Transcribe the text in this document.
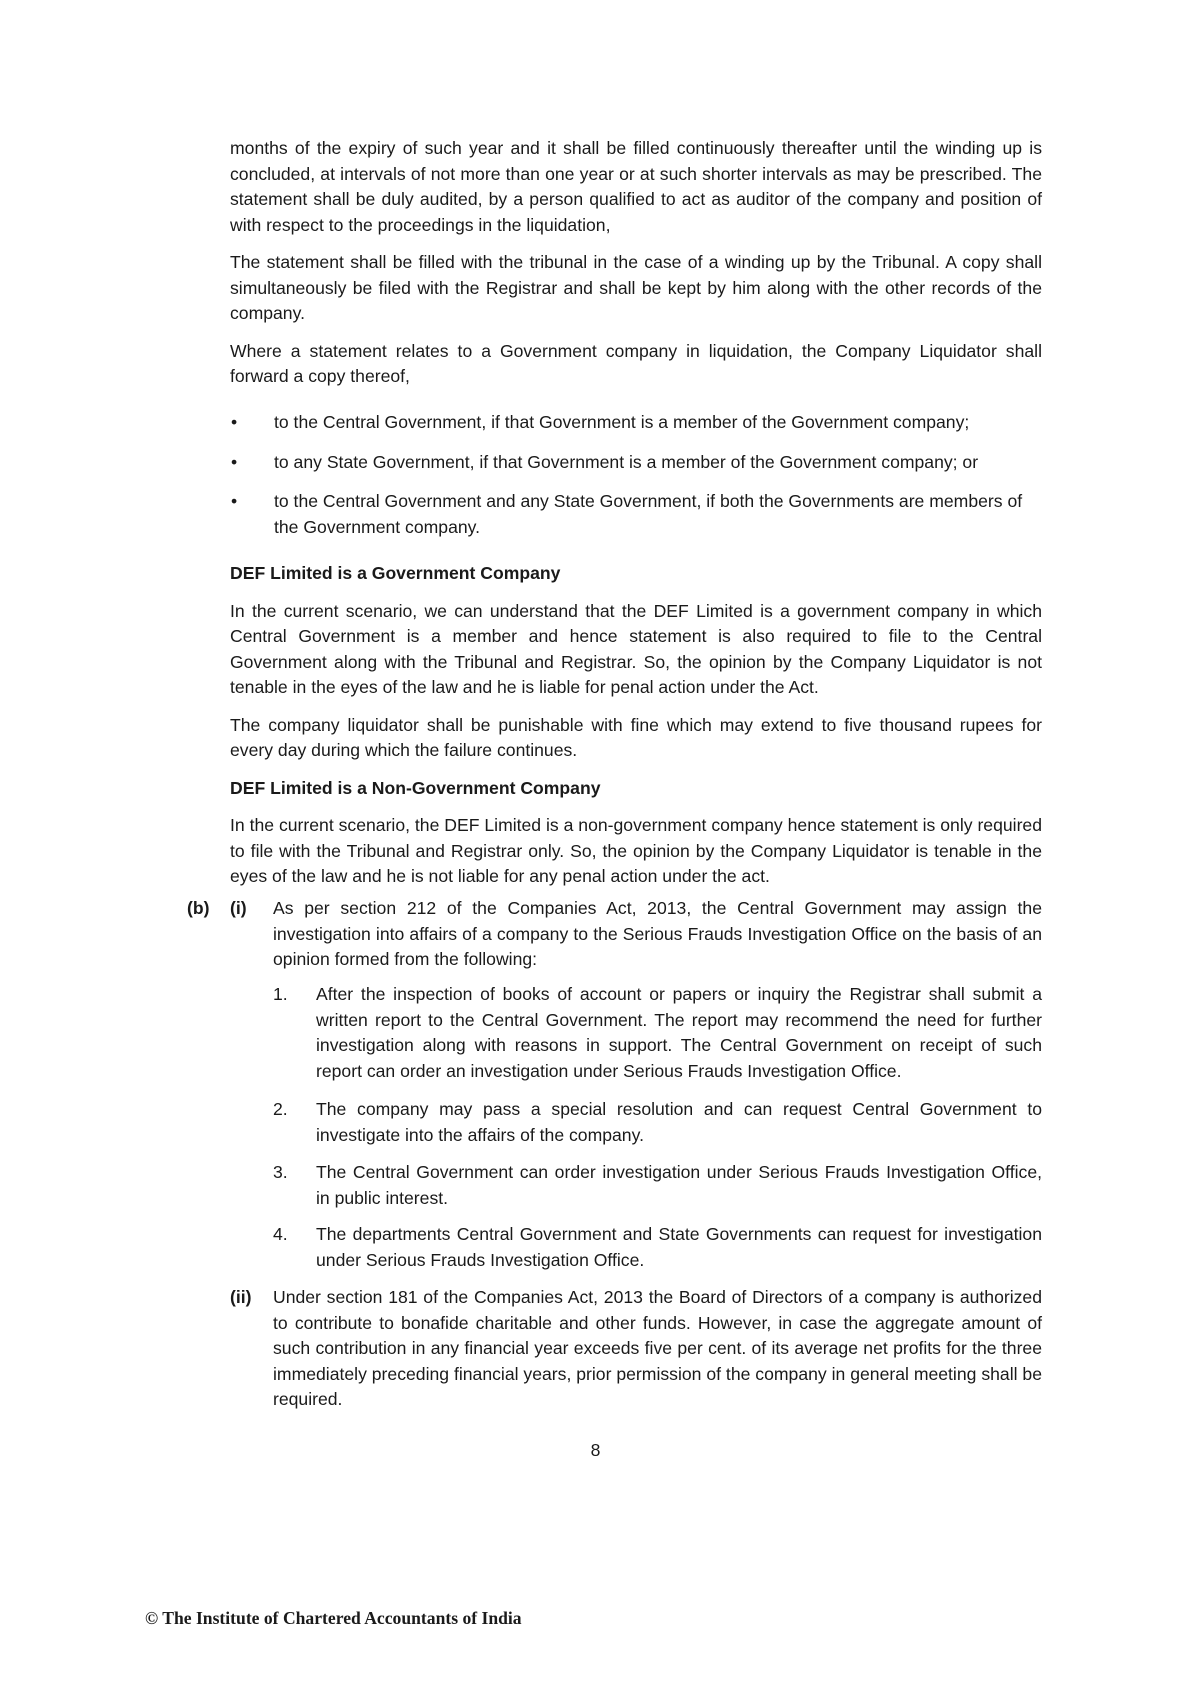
months of the expiry of such year and it shall be filled continuously thereafter until the winding up is concluded, at intervals of not more than one year or at such shorter intervals as may be prescribed. The statement shall be duly audited, by a person qualified to act as auditor of the company and position of with respect to the proceedings in the liquidation,

The statement shall be filled with the tribunal in the case of a winding up by the Tribunal. A copy shall simultaneously be filed with the Registrar and shall be kept by him along with the other records of the company.

Where a statement relates to a Government company in liquidation, the Company Liquidator shall forward a copy thereof,

•	to the Central Government, if that Government is a member of the Government company;

•	to any State Government, if that Government is a member of the Government company; or

•	to the Central Government and any State Government, if both the Governments are members of the Government company.

DEF Limited is a Government Company

In the current scenario, we can understand that the DEF Limited is a government company in which Central Government is a member and hence statement is also required to file to the Central Government along with the Tribunal and Registrar. So, the opinion by the Company Liquidator is not tenable in the eyes of the law and he is liable for penal action under the Act.

The company liquidator shall be punishable with fine which may extend to five thousand rupees for every day during which the failure continues.

DEF Limited is a Non-Government Company

In the current scenario, the DEF Limited is a non-government company hence statement is only required to file with the Tribunal and Registrar only. So, the opinion by the Company Liquidator is tenable in the eyes of the law and he is not liable for any penal action under the act.

(b) (i) As per section 212 of the Companies Act, 2013, the Central Government may assign the investigation into affairs of a company to the Serious Frauds Investigation Office on the basis of an opinion formed from the following:

1. After the inspection of books of account or papers or inquiry the Registrar shall submit a written report to the Central Government. The report may recommend the need for further investigation along with reasons in support. The Central Government on receipt of such report can order an investigation under Serious Frauds Investigation Office.

2. The company may pass a special resolution and can request Central Government to investigate into the affairs of the company.

3. The Central Government can order investigation under Serious Frauds Investigation Office, in public interest.

4. The departments Central Government and State Governments can request for investigation under Serious Frauds Investigation Office.

(ii) Under section 181 of the Companies Act, 2013 the Board of Directors of a company is authorized to contribute to bonafide charitable and other funds. However, in case the aggregate amount of such contribution in any financial year exceeds five per cent. of its average net profits for the three immediately preceding financial years, prior permission of the company in general meeting shall be required.

8
© The Institute of Chartered Accountants of India
